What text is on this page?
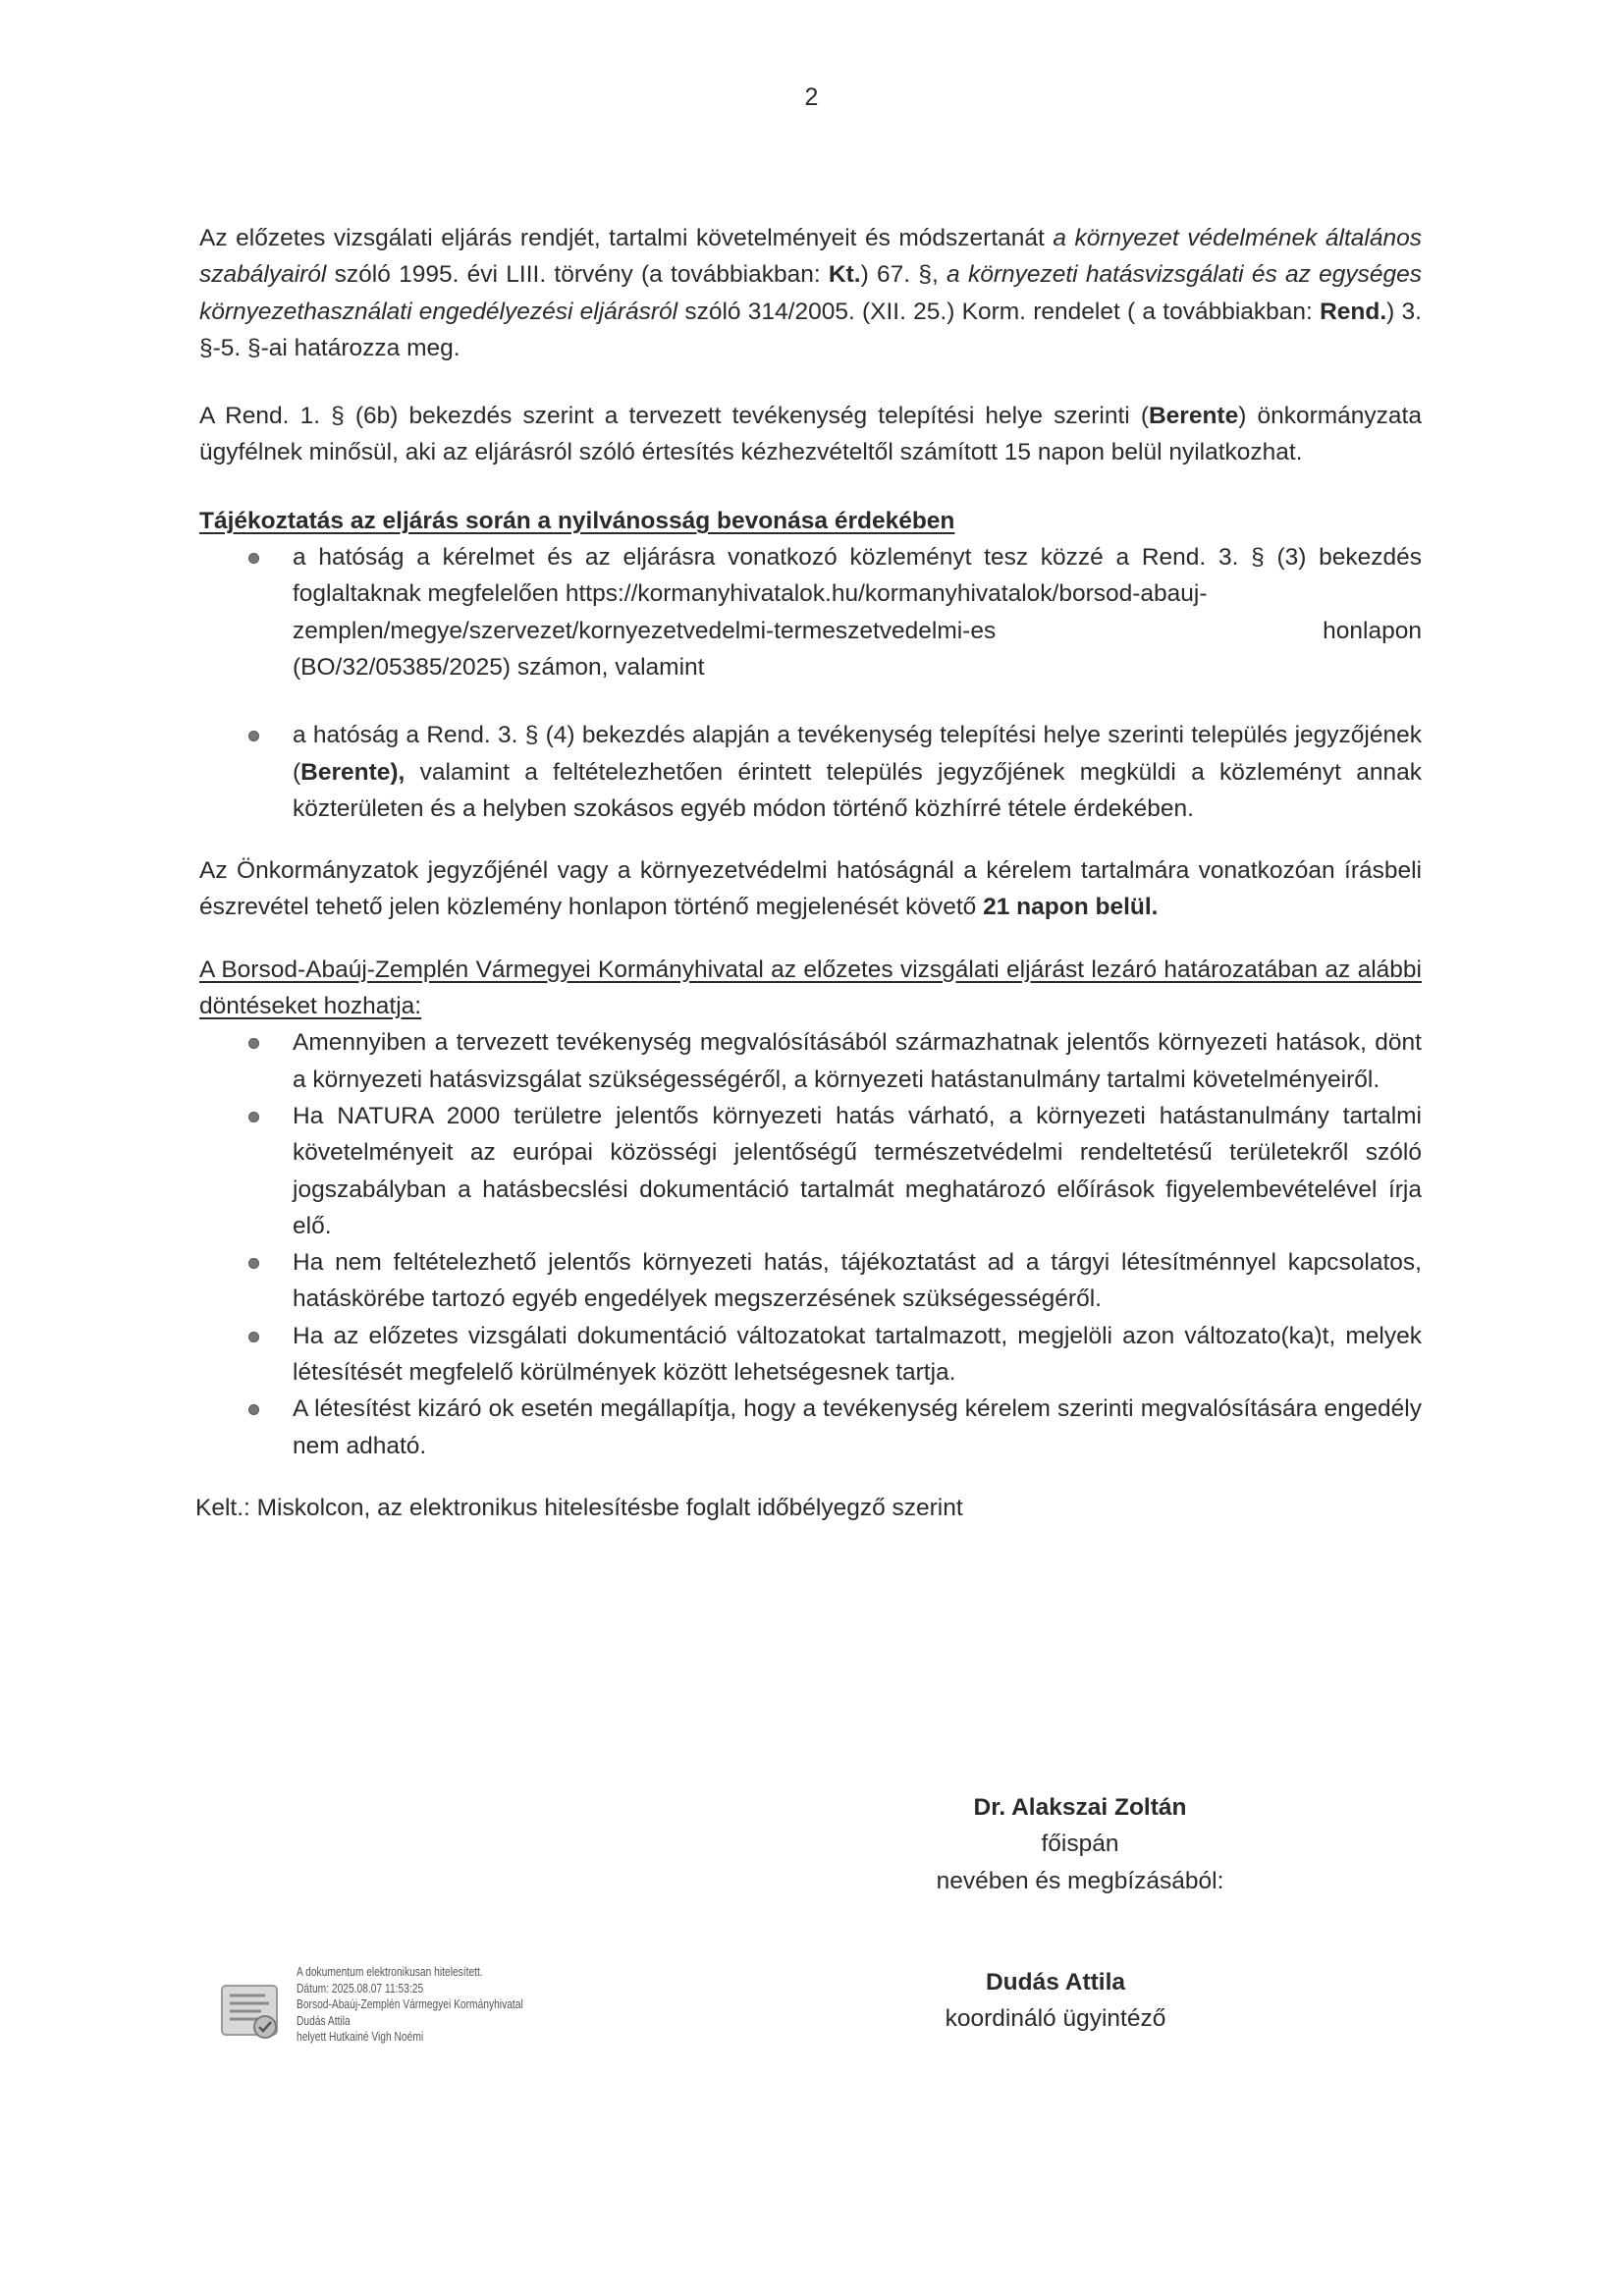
2

Az előzetes vizsgálati eljárás rendjét, tartalmi követelményeit és módszertanát a környezet védelmének általános szabályairól szóló 1995. évi LIII. törvény (a továbbiakban: Kt.) 67. §, a környezeti hatásvizsgálati és az egységes környezethasználati engedélyezési eljárásról szóló 314/2005. (XII. 25.) Korm. rendelet ( a továbbiakban: Rend.) 3. §-5. §-ai határozza meg.

A Rend. 1. § (6b) bekezdés szerint a tervezett tevékenység telepítési helye szerinti (Berente) önkormányzata ügyfélnek minősül, aki az eljárásról szóló értesítés kézhezvételtől számított 15 napon belül nyilatkozhat.

Tájékoztatás az eljárás során a nyilvánosság bevonása érdekében

a hatóság a kérelmet és az eljárásra vonatkozó közleményt tesz közzé a Rend. 3. § (3) bekezdés foglaltaknak megfelelően https://kormanyhivatalok.hu/kormanyhivatalok/borsod-abauj-
zemplen/megye/szervezet/kornyezetvedelmi-termeszetvedelmi-es	honlapon
(BO/32/05385/2025) számon, valamint
a hatóság a Rend. 3. § (4) bekezdés alapján a tevékenység telepítési helye szerinti település jegyzőjének (Berente), valamint a feltételezhetően érintett település jegyzőjének megküldi a közleményt annak közterületen és a helyben szokásos egyéb módon történő közhírré tétele érdekében.

Az Önkormányzatok jegyzőjénél vagy a környezetvédelmi hatóságnál a kérelem tartalmára vonatkozóan írásbeli észrevétel tehető jelen közlemény honlapon történő megjelenését követő 21 napon belül.

A Borsod-Abaúj-Zemplén Vármegyei Kormányhivatal az előzetes vizsgálati eljárást lezáró határozatában az alábbi döntéseket hozhatja:

Amennyiben a tervezett tevékenység megvalósításából származhatnak jelentős környezeti hatások, dönt a környezeti hatásvizsgálat szükségességéről, a környezeti hatástanulmány tartalmi követelményeiről.
Ha NATURA 2000 területre jelentős környezeti hatás várható, a környezeti hatástanulmány tartalmi követelményeit az európai közösségi jelentőségű természetvédelmi rendeltetésű területekről szóló jogszabályban a hatásbecslési dokumentáció tartalmát meghatározó előírások figyelembevételével írja elő.
Ha nem feltételezhető jelentős környezeti hatás, tájékoztatást ad a tárgyi létesítménnyel kapcsolatos, hatáskörébe tartozó egyéb engedélyek megszerzésének szükségességéről.
Ha az előzetes vizsgálati dokumentáció változatokat tartalmazott, megjelöli azon változato(ka)t, melyek létesítését megfelelő körülmények között lehetségesnek tartja.
A létesítést kizáró ok esetén megállapítja, hogy a tevékenység kérelem szerinti megvalósítására engedély nem adható.

Kelt.: Miskolcon, az elektronikus hitelesítésbe foglalt időbélyegző szerint

Dr. Alakszai Zoltán
főispán
nevében és megbízásából:
Dudás Attila
koordináló ügyintéző
A dokumentum elektronikusan hitelesített.
Dátum: 2025.08.07 11:53:25
Borsod-Abaúj-Zemplén Vármegyei Kormányhivatal
Dudás Attila
helyett Hutkainé Vigh Noémi
